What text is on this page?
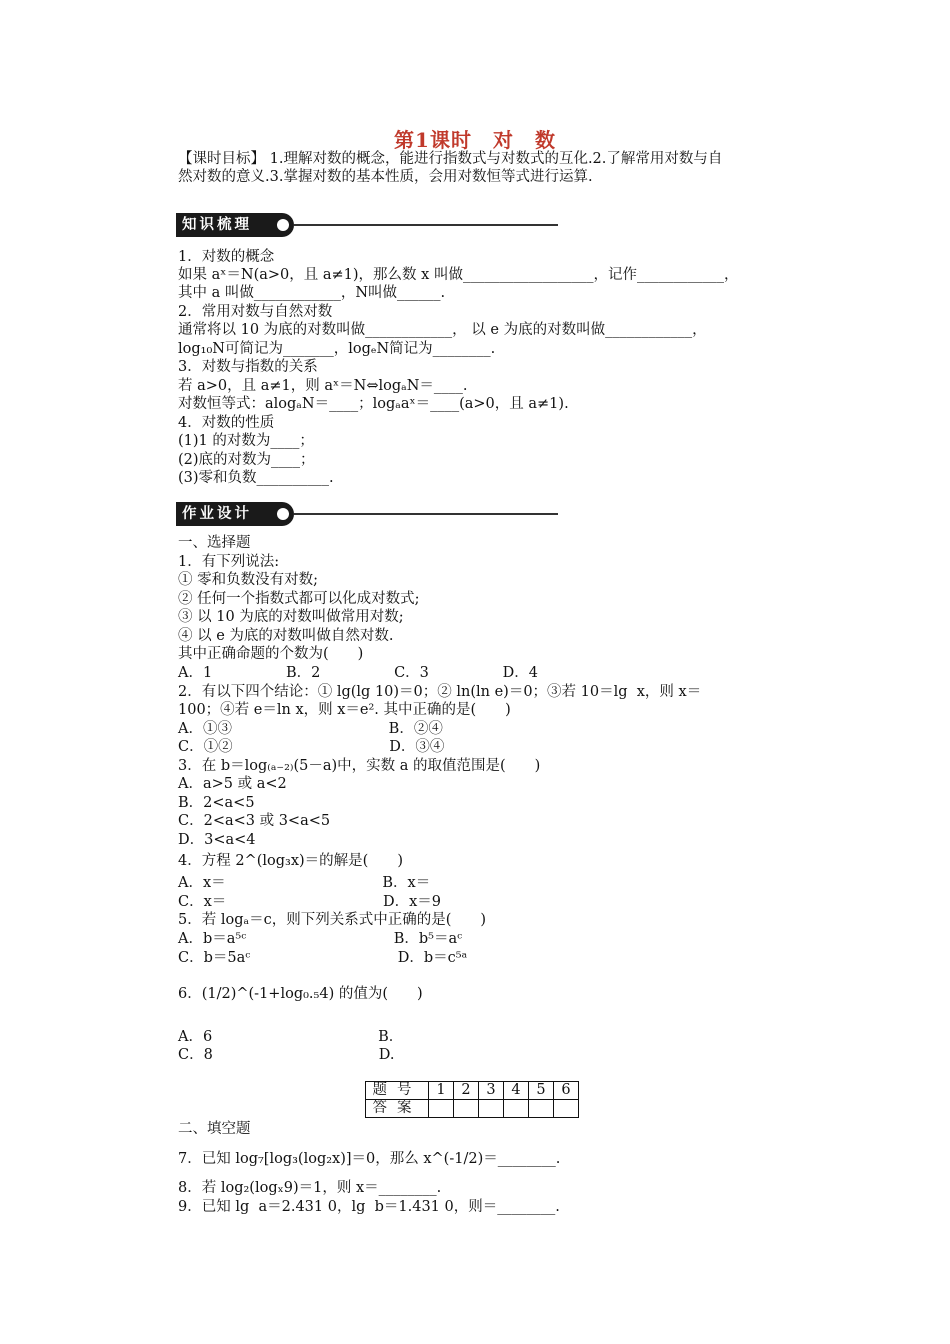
第1课时　对　数
【课时目标】 1.理解对数的概念，能进行指数式与对数式的互化.2.了解常用对数与自
然对数的意义.3.掌握对数的基本性质，会用对数恒等式进行运算.
知识梳理
1．对数的概念
如果 aˣ＝N(a>0，且 a≠1)，那么数 x 叫做__________________，记作____________，
其中 a 叫做____________，N叫做______.
2．常用对数与自然对数
通常将以 10 为底的对数叫做____________， 以 e 为底的对数叫做____________，
log₁₀N可简记为_______，logₑN简记为________.
3．对数与指数的关系
若 a>0，且 a≠1，则 aˣ＝N⇔logₐN＝____.
对数恒等式：alogₐN＝____；logₐaˣ＝____(a>0，且 a≠1).
4．对数的性质
(1)1 的对数为____；
(2)底的对数为____；
(3)零和负数__________.
作业设计
一、选择题
1．有下列说法:
① 零和负数没有对数;
② 任何一个指数式都可以化成对数式;
③ 以 10 为底的对数叫做常用对数;
④ 以 e 为底的对数叫做自然对数.
其中正确命题的个数为(　　)
A．1                B．2                C．3                D．4
2．有以下四个结论：① lg(lg 10)＝0；② ln(ln e)＝0；③若 10＝lg  x，则 x＝
100；④若 e＝ln x，则 x＝e². 其中正确的是(　　)
A．①③                                  B．②④
C．①②                                  D．③④
3．在 b＝log₍ₐ₋₂₎(5－a)中，实数 a 的取值范围是(　　)
A．a>5 或 a<2
B．2<a<5
C．2<a<3 或 3<a<5
D．3<a<4
4．方程 2^(log₃x)＝的解是(　　)
A．x＝                                  B．x＝
C．x＝                                  D．x＝9
5．若 logₐ＝c，则下列关系式中正确的是(　　)
A．b＝a⁵ᶜ                                B．b⁵＝aᶜ
C．b＝5aᶜ                                D．b＝c⁵ᵃ
6．(1/2)^(-1+log₀.₅4) 的值为(　　)
A．6                                    B．
C．8                                    D.
题号	1	2	3	4	5	6
答案						
二、填空题
7．已知 log₇[log₃(log₂x)]＝0，那么 x^(-1/2)＝________.
8．若 log₂(logₓ9)＝1，则 x＝________.
9．已知 lg  a＝2.431 0，lg  b＝1.431 0，则＝________.
